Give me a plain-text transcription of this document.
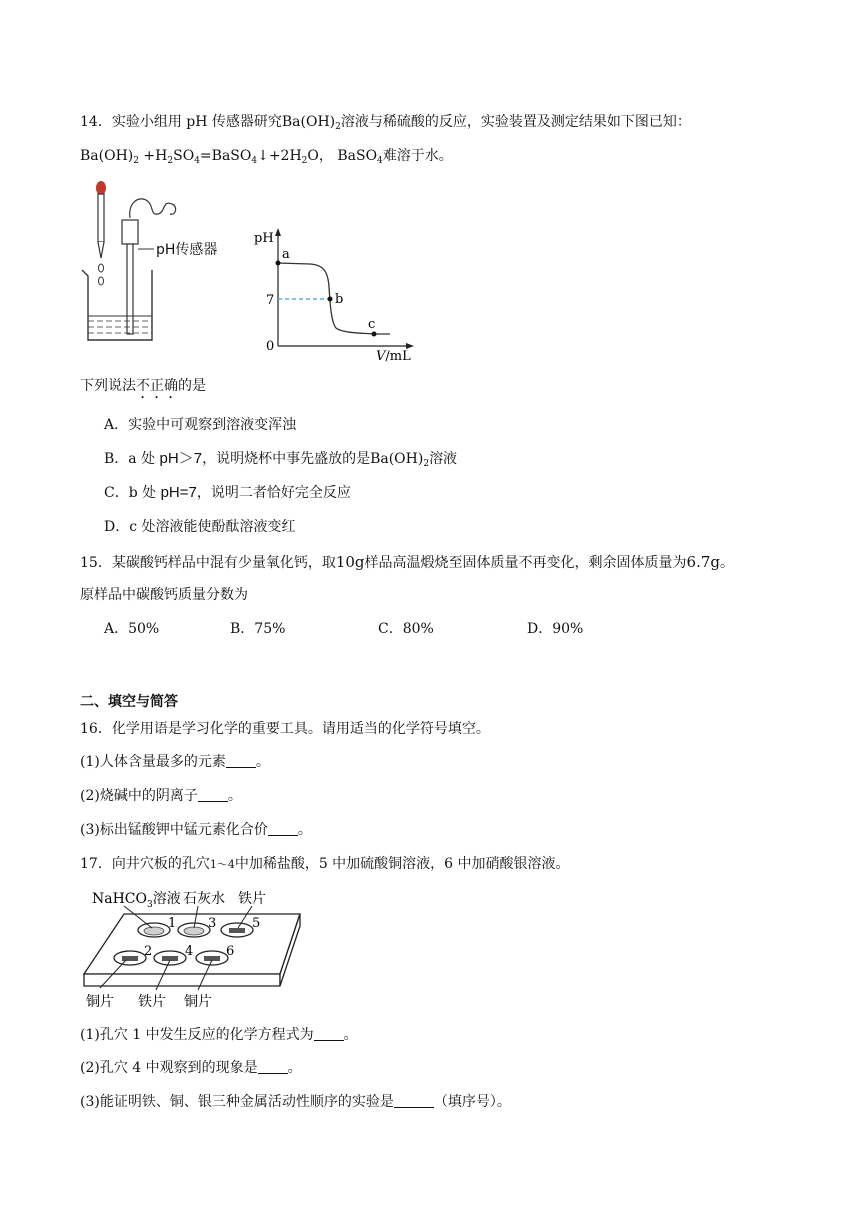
14．实验小组用 pH 传感器研究$Ba(OH)_2$溶液与稀硫酸的反应，实验装置及测定结果如下图已知：
$Ba(OH)_2$ $+H_2SO_4=BaSO_4↓+2H_2O$， BaSO$_4$难溶于水。
pH传感器
pH
7
0
V/mL
a
b
c
下列说法不正确的是
A．实验中可观察到溶液变浑浊
B．a 处 pH＞7，说明烧杯中事先盛放的是$Ba(OH)_2$溶液
C．b 处 pH=7，说明二者恰好完全反应
D．c 处溶液能使酚酞溶液变红
15．某碳酸钙样品中混有少量氧化钙，取10g样品高温煅烧至固体质量不再变化，剩余固体质量为6.7g。
原样品中碳酸钙质量分数为
A．50%	B．75%	C．80%	D．90%
二、填空与简答
16．化学用语是学习化学的重要工具。请用适当的化学符号填空。
(1)人体含量最多的元素 。
(2)烧碱中的阴离子 。
(3)标出锰酸钾中锰元素化合价 。
17．向井穴板的孔穴1～4中加稀盐酸，5 中加硫酸铜溶液，6 中加硝酸银溶液。
NaHCO$_3$溶液 石灰水 铁片
1 3	5
2	4	6
铜片 铁片 铜片
(1)孔穴 1 中发生反应的化学方程式为 。
(2)孔穴 4 中观察到的现象是 。
(3)能证明铁、铜、银三种金属活动性顺序的实验是	（填序号）。
